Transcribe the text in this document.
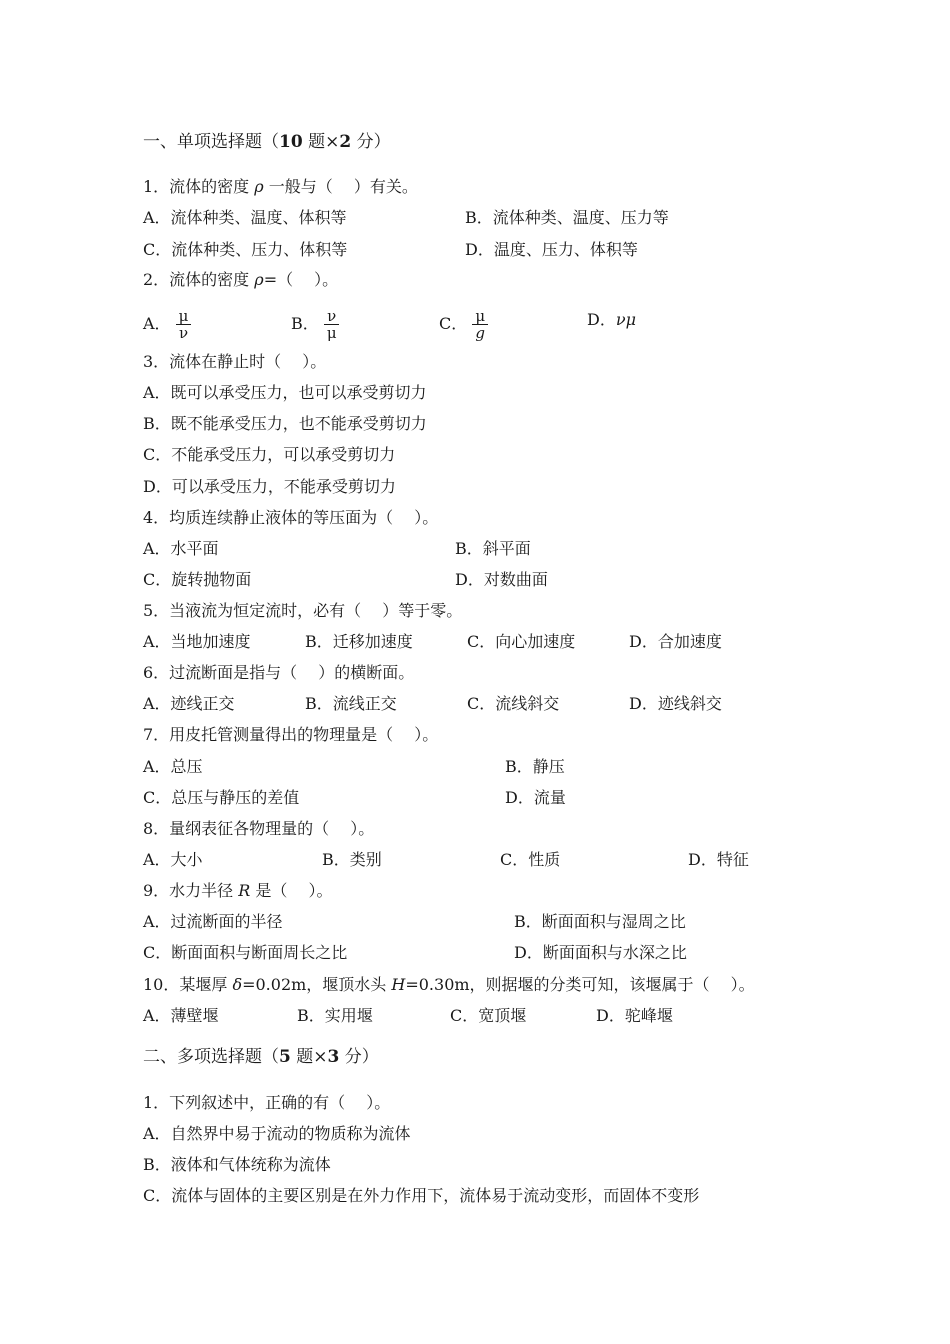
一、单项选择题（10 题×2 分）
1．流体的密度 ρ 一般与（　 ）有关。
A．流体种类、温度、体积等	B．流体种类、温度、压力等
C．流体种类、压力、体积等	D．温度、压力、体积等
2．流体的密度 ρ=（　 ）。
A． $\frac{\mu}{\nu}$	B． $\frac{\nu}{\mu}$	C． $\frac{\mu}{g}$	D．νμ
3．流体在静止时（　 ）。
A．既可以承受压力，也可以承受剪切力
B．既不能承受压力，也不能承受剪切力
C．不能承受压力，可以承受剪切力
D．可以承受压力，不能承受剪切力
4．均质连续静止液体的等压面为（　 ）。
A．水平面	B．斜平面
C．旋转抛物面	D．对数曲面
5．当液流为恒定流时，必有（　 ）等于零。
A．当地加速度	B．迁移加速度	C．向心加速度	D．合加速度
6．过流断面是指与（　 ）的横断面。
A．迹线正交	B．流线正交	C．流线斜交	D．迹线斜交
7．用皮托管测量得出的物理量是（　 ）。
A．总压	B．静压
C．总压与静压的差值	D．流量
8．量纲表征各物理量的（　 ）。
A．大小	B．类别	C．性质	D．特征
9．水力半径 R 是（　 ）。
A．过流断面的半径	B．断面面积与湿周之比
C．断面面积与断面周长之比	D．断面面积与水深之比
10．某堰厚 δ=0.02m，堰顶水头 H=0.30m，则据堰的分类可知，该堰属于（　 ）。
A．薄壁堰	B．实用堰	C．宽顶堰	D．驼峰堰
二、多项选择题（5 题×3 分）
1．下列叙述中，正确的有（　 ）。
A．自然界中易于流动的物质称为流体
B．液体和气体统称为流体
C．流体与固体的主要区别是在外力作用下，流体易于流动变形，而固体不变形
